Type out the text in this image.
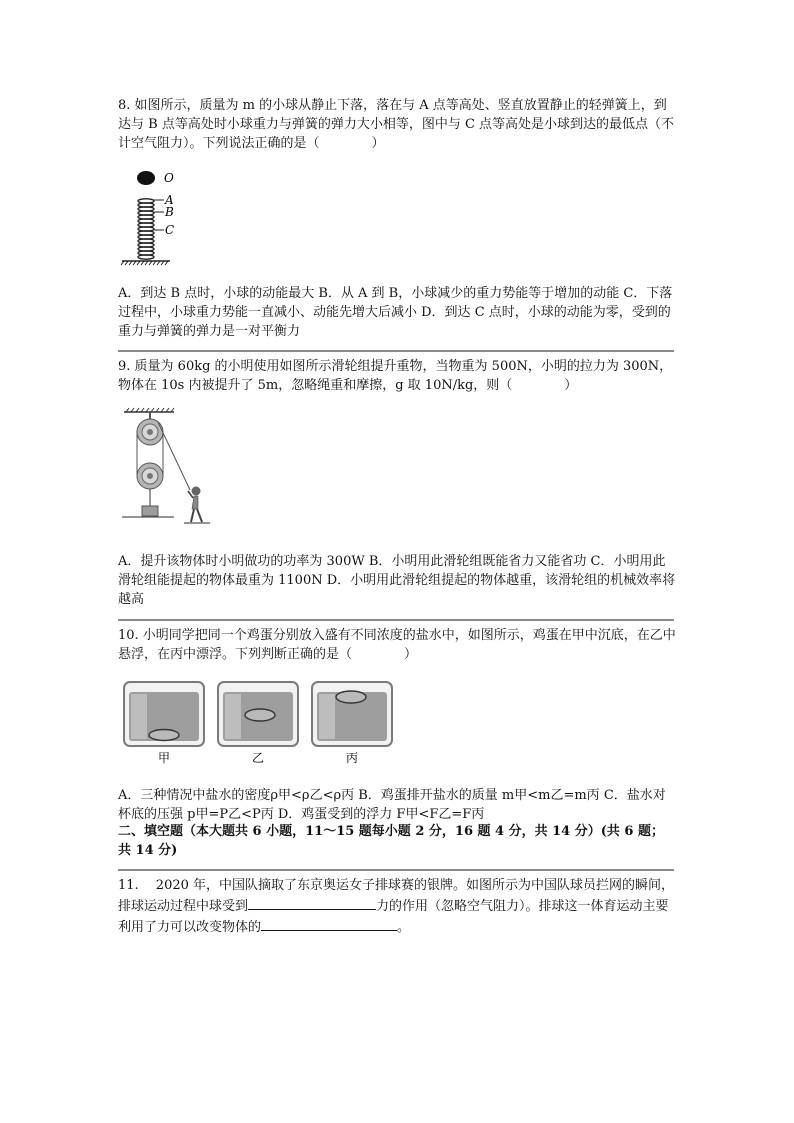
8. 如图所示，质量为 m 的小球从静止下落，落在与 A 点等高处、竖直放置静止的轻弹簧上，到达与 B 点等高处时小球重力与弹簧的弹力大小相等，图中与 C 点等高处是小球到达的最低点（不计空气阻力）。下列说法正确的是（　　　　）

O
A
B
C

A．到达 B 点时，小球的动能最大 B．从 A 到 B，小球减少的重力势能等于增加的动能 C．下落过程中，小球重力势能一直减小、动能先增大后减小 D．到达 C 点时，小球的动能为零，受到的重力与弹簧的弹力是一对平衡力

9. 质量为 60kg 的小明使用如图所示滑轮组提升重物，当物重为 500N，小明的拉力为 300N，物体在 10s 内被提升了 5m，忽略绳重和摩擦，g 取 10N/kg，则（　　　　）

A．提升该物体时小明做功的功率为 300W B．小明用此滑轮组既能省力又能省功 C．小明用此滑轮组能提起的物体最重为 1100N D．小明用此滑轮组提起的物体越重，该滑轮组的机械效率将越高

10. 小明同学把同一个鸡蛋分别放入盛有不同浓度的盐水中，如图所示，鸡蛋在甲中沉底，在乙中悬浮，在丙中漂浮。下列判断正确的是（　　　　）

甲	乙	丙

A．三种情况中盐水的密度ρ甲<ρ乙<ρ丙 B．鸡蛋排开盐水的质量 m甲<m乙=m丙 C．盐水对杯底的压强 p甲=P乙<P丙 D．鸡蛋受到的浮力 F甲<F乙=F丙

二、填空题（本大题共 6 小题，11～15 题每小题 2 分，16 题 4 分，共 14 分）(共 6 题；共 14 分)

11.　 2020 年，中国队摘取了东京奥运女子排球赛的银牌。如图所示为中国队球员拦网的瞬间，排球运动过程中球受到	力的作用（忽略空气阻力）。排球这一体育运动主要利用了力可以改变物体的	。
